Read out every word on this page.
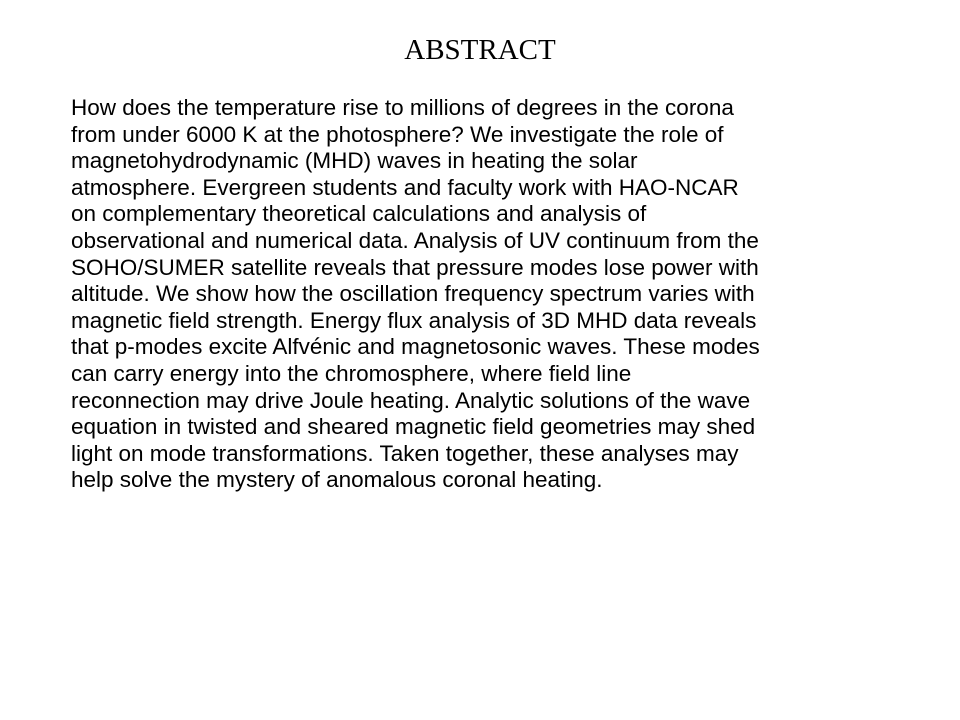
ABSTRACT

How does the temperature rise to millions of degrees in the corona
from under 6000 K at the photosphere? We investigate the role of
magnetohydrodynamic (MHD) waves in heating the solar
atmosphere. Evergreen students and faculty work with HAO-NCAR
on complementary theoretical calculations and analysis of
observational and numerical data. Analysis of UV continuum from the
SOHO/SUMER satellite reveals that pressure modes lose power with
altitude. We show how the oscillation frequency spectrum varies with
magnetic field strength. Energy flux analysis of 3D MHD data reveals
that p-modes excite Alfvénic and magnetosonic waves. These modes
can carry energy into the chromosphere, where field line
reconnection may drive Joule heating. Analytic solutions of the wave
equation in twisted and sheared magnetic field geometries may shed
light on mode transformations. Taken together, these analyses may
help solve the mystery of anomalous coronal heating.
